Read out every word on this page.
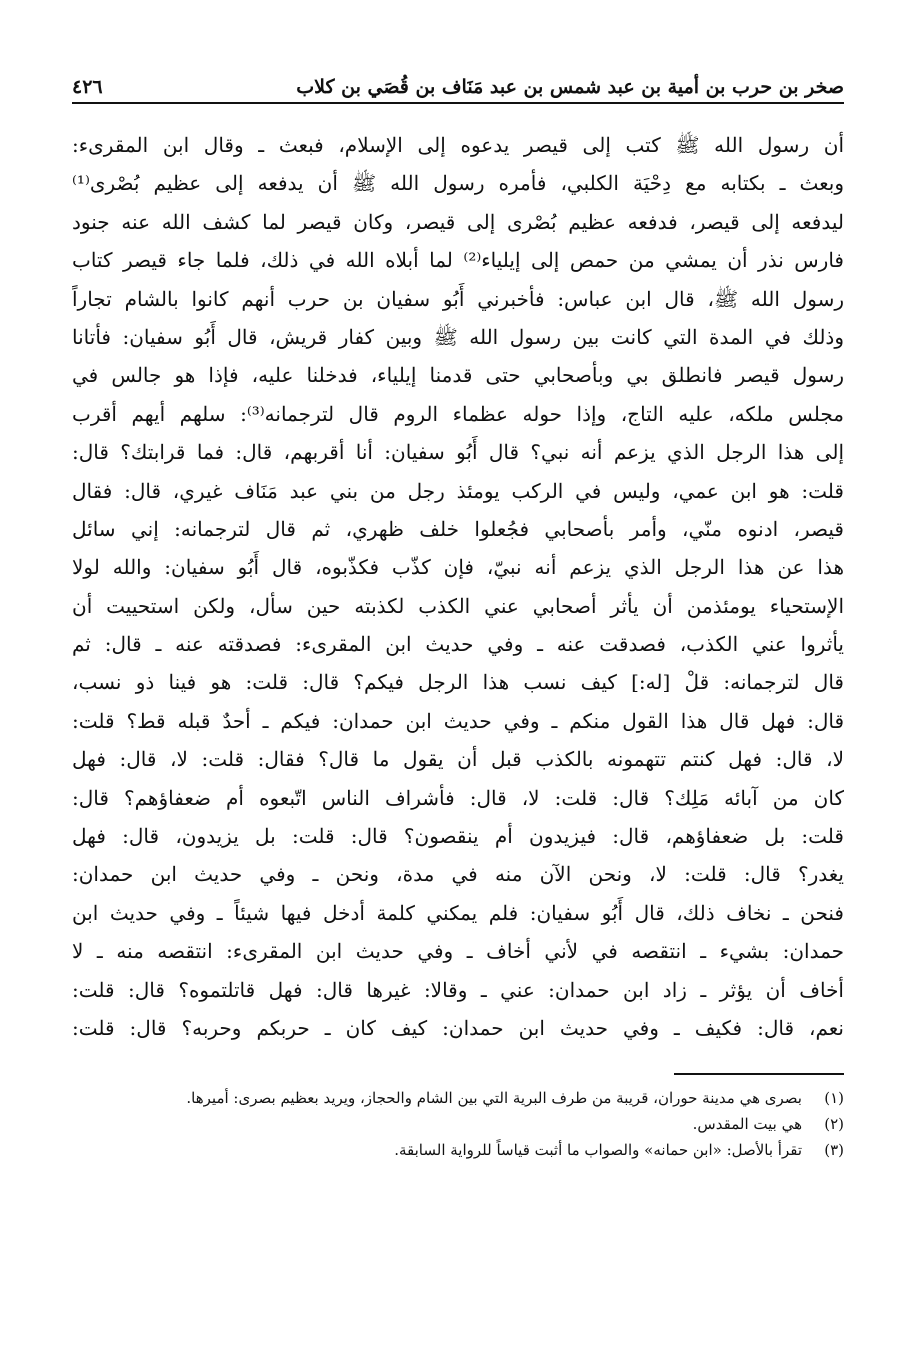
صخر بن حرب بن أمية بن عبد شمس بن عبد مَنَاف بن قُصَي بن كلاب
٤٢٦
أن رسول الله ﷺ كتب إلى قيصر يدعوه إلى الإسلام، فبعث ـ وقال ابن المقرىء:
وبعث ـ بكتابه مع دِحْيَة الكلبي، فأمره رسول الله ﷺ أن يدفعه إلى عظيم بُصْرى⁽¹⁾
ليدفعه إلى قيصر، فدفعه عظيم بُصْرى إلى قيصر، وكان قيصر لما كشف الله عنه جنود
فارس نذر أن يمشي من حمص إلى إيلياء⁽²⁾ لما أبلاه الله في ذلك، فلما جاء قيصر كتاب
رسول الله ﷺ، قال ابن عباس: فأخبرني أَبُو سفيان بن حرب أنهم كانوا بالشام تجاراً
وذلك في المدة التي كانت بين رسول الله ﷺ وبين كفار قريش، قال أَبُو سفيان: فأتانا
رسول قيصر فانطلق بي وبأصحابي حتى قدمنا إيلياء، فدخلنا عليه، فإذا هو جالس في
مجلس ملكه، عليه التاج، وإذا حوله عظماء الروم قال لترجمانه⁽³⁾: سلهم أيهم أقرب
إلى هذا الرجل الذي يزعم أنه نبي؟ قال أَبُو سفيان: أنا أقربهم، قال: فما قرابتك؟ قال:
قلت: هو ابن عمي، وليس في الركب يومئذ رجل من بني عبد مَنَاف غيري، قال: فقال
قيصر، ادنوه منّي، وأمر بأصحابي فجُعلوا خلف ظهري، ثم قال لترجمانه: إني سائل
هذا عن هذا الرجل الذي يزعم أنه نبيّ، فإن كذّب فكذّبوه، قال أَبُو سفيان: والله لولا
الإستحياء يومئذمن أن يأثر أصحابي عني الكذب لكذبته حين سأل، ولكن استحييت أن
يأثروا عني الكذب، فصدقت عنه ـ وفي حديث ابن المقرىء: فصدقته عنه ـ قال: ثم
قال لترجمانه: قلْ [له:] كيف نسب هذا الرجل فيكم؟ قال: قلت: هو فينا ذو نسب،
قال: فهل قال هذا القول منكم ـ وفي حديث ابن حمدان: فيكم ـ أحدٌ قبله قط؟ قلت:
لا، قال: فهل كنتم تتهمونه بالكذب قبل أن يقول ما قال؟ فقال: قلت: لا، قال: فهل
كان من آبائه مَلِك؟ قال: قلت: لا، قال: فأشراف الناس اتّبعوه أم ضعفاؤهم؟ قال:
قلت: بل ضعفاؤهم، قال: فيزيدون أم ينقصون؟ قال: قلت: بل يزيدون، قال: فهل
يغدر؟ قال: قلت: لا، ونحن الآن منه في مدة، ونحن ـ وفي حديث ابن حمدان:
فنحن ـ نخاف ذلك، قال أَبُو سفيان: فلم يمكني كلمة أدخل فيها شيئاً ـ وفي حديث ابن
حمدان: بشيء ـ انتقصه في لأني أخاف ـ وفي حديث ابن المقرىء: انتقصه منه ـ لا
أخاف أن يؤثر ـ زاد ابن حمدان: عني ـ وقالا: غيرها قال: فهل قاتلتموه؟ قال: قلت:
نعم، قال: فكيف ـ وفي حديث ابن حمدان: كيف كان ـ حربكم وحربه؟ قال: قلت:
(١)
بصرى هي مدينة حوران، قريبة من طرف البرية التي بين الشام والحجاز، ويريد بعظيم بصرى: أميرها.
(٢)
هي بيت المقدس.
(٣)
تقرأ بالأصل: «ابن حمانه» والصواب ما أثبت قياساً للرواية السابقة.
